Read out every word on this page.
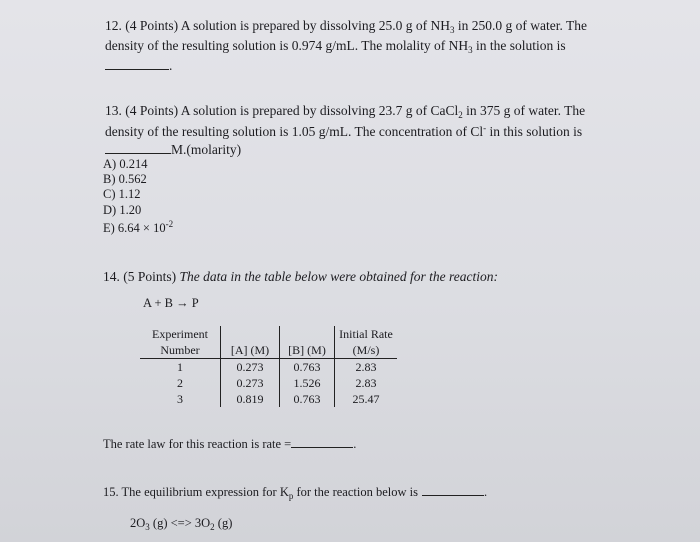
12. (4 Points) A solution is prepared by dissolving 25.0 g of $NH_3$ in 250.0 g of water. The
density of the resulting solution is 0.974 g/mL. The molality of $NH_3$ in the solution is
.
13. (4 Points) A solution is prepared by dissolving 23.7 g of CaCl$_2$ in 375 g of water. The
density of the resulting solution is 1.05 g/mL. The concentration of Cl- in this solution is
M.(molarity)
A) 0.214
B) 0.562
C) 1.12
D) 1.20
E) $6.64 \times 10^{-2}$
14. (5 Points) The data in the table below were obtained for the reaction:
A + B → P
Experiment			Initial Rate
Number	[A] (M)	[B] (M)	(M/s)
1	0.273	0.763	2.83
2	0.273	1.526	2.83
3	0.819	0.763	25.47
The rate law for this reaction is rate =	.
15. The equilibrium expression for $K_p$ for the reaction below is	.
$2O_3$ (g) <=> $3O_2$ (g)
